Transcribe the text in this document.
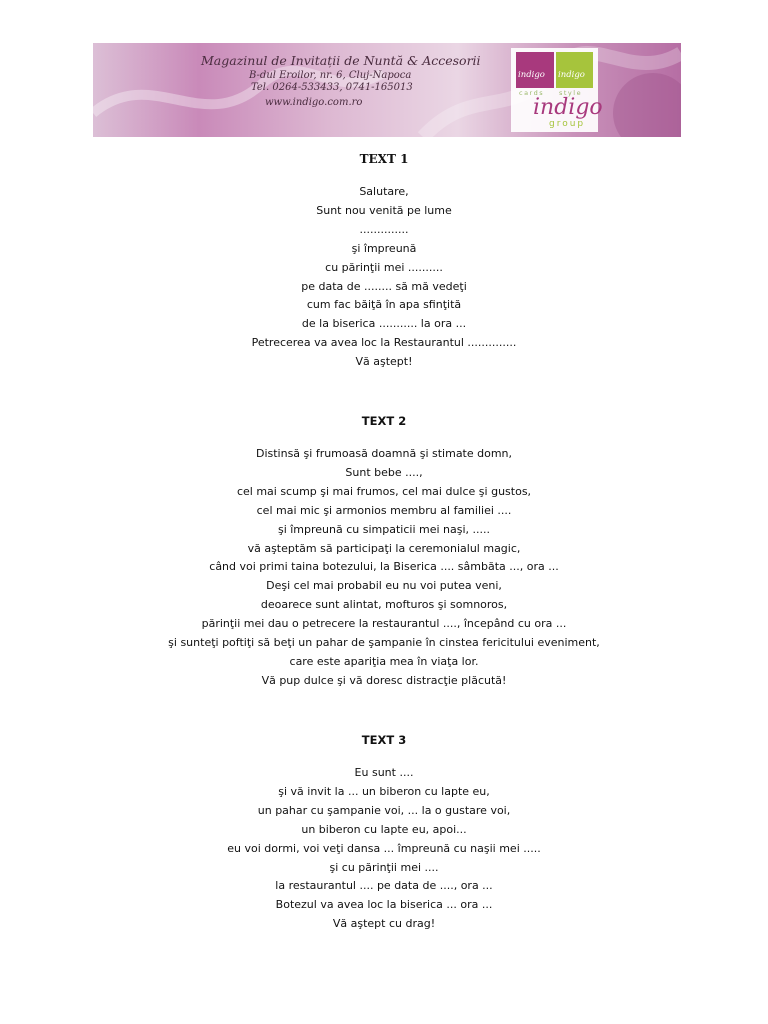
Magazinul de Invitații de Nuntă & Accesorii
B-dul Eroilor, nr. 6, Cluj-Napoca
Tel. 0264-533433, 0741-165013
www.indigo.com.ro
indigo indigo
cards style
indigo
group
TEXT 1
Salutare,
Sunt nou venită pe lume
..............
şi împreună
cu părinţii mei ..........
pe data de ........ să mă vedeţi
cum fac băiţă în apa sfinţită
de la biserica ........... la ora ...
Petrecerea va avea loc la Restaurantul ..............
Vă aştept!
TEXT 2
Distinsă şi frumoasă doamnă şi stimate domn,
Sunt bebe ....,
cel mai scump şi mai frumos, cel mai dulce şi gustos,
cel mai mic şi armonios membru al familiei ....
şi împreună cu simpaticii mei naşi, .....
vă aşteptăm să participaţi la ceremonialul magic,
când voi primi taina botezului, la Biserica .... sâmbăta ..., ora ...
Deşi cel mai probabil eu nu voi putea veni,
deoarece sunt alintat, mofturos şi somnoros,
părinţii mei dau o petrecere la restaurantul ...., începând cu ora ...
şi sunteţi poftiţi să beţi un pahar de şampanie în cinstea fericitului eveniment,
care este apariţia mea în viaţa lor.
Vă pup dulce şi vă doresc distracţie plăcută!
TEXT 3
Eu sunt ....
şi vă invit la ... un biberon cu lapte eu,
un pahar cu şampanie voi, ... la o gustare voi,
un biberon cu lapte eu, apoi...
eu voi dormi, voi veţi dansa ... împreună cu naşii mei .....
şi cu părinţii mei ....
la restaurantul .... pe data de ...., ora ...
Botezul va avea loc la biserica ... ora ...
Vă aştept cu drag!
